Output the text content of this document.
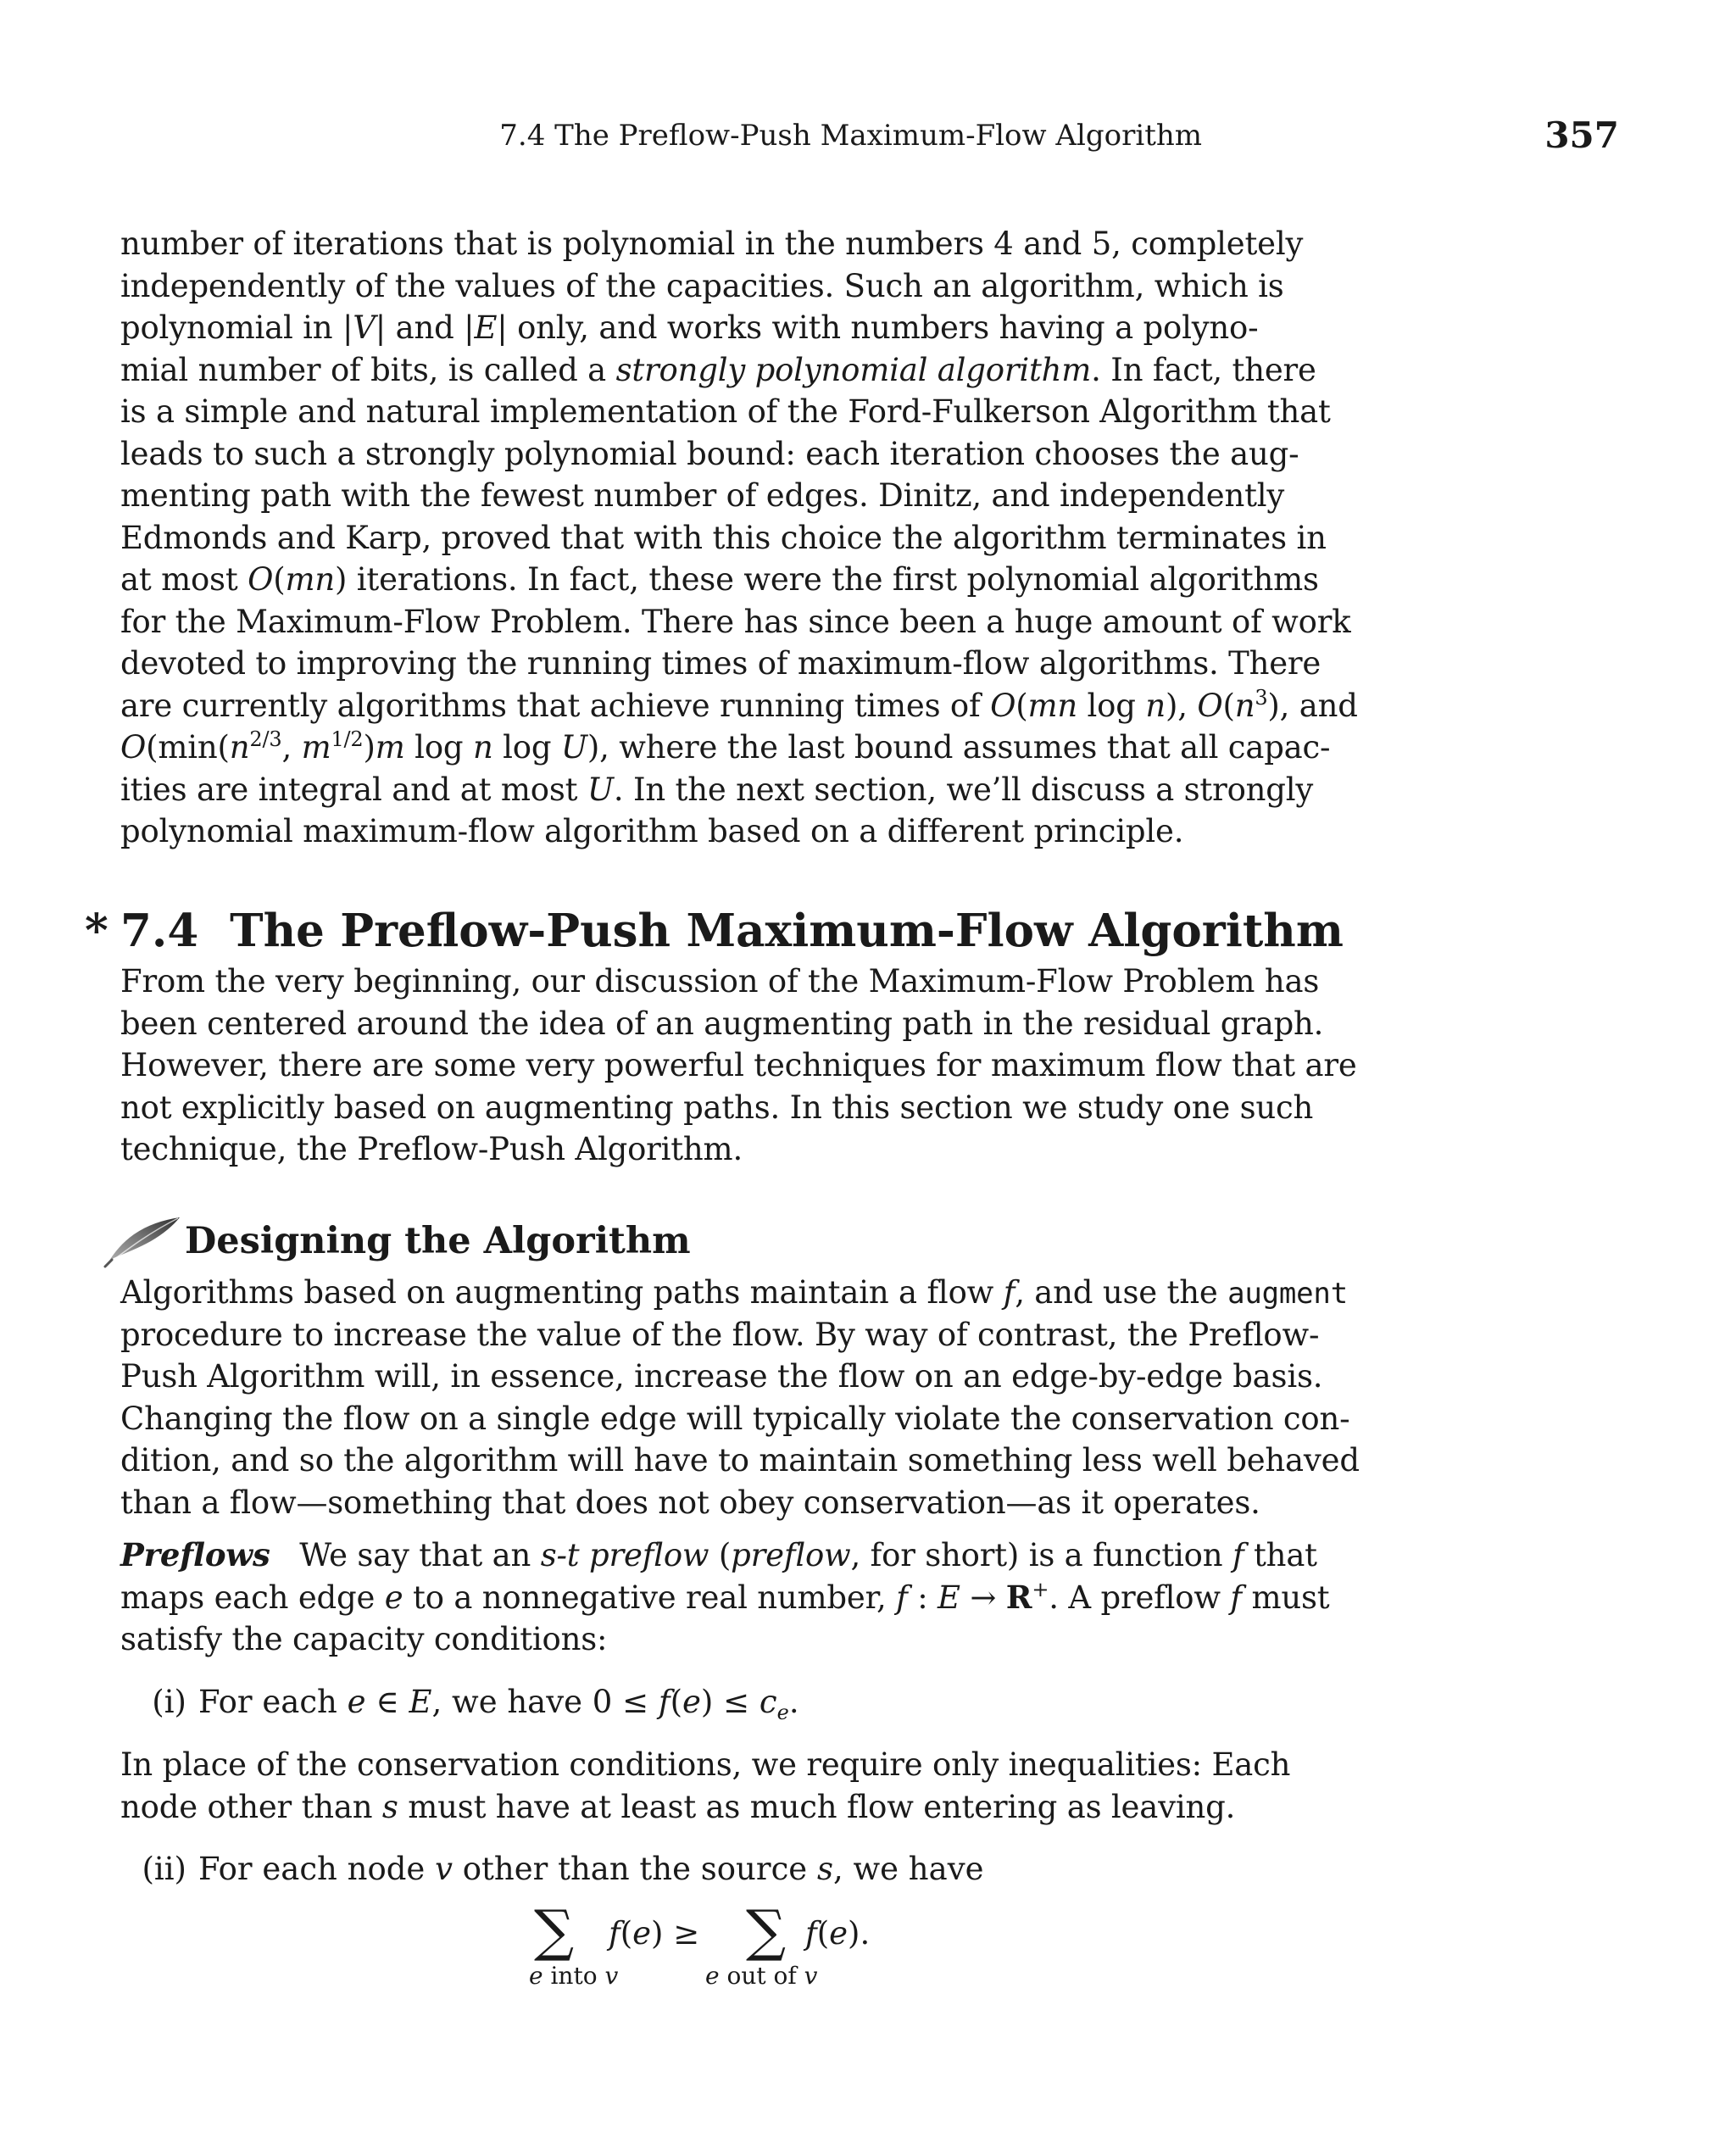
7.4 The Preflow-Push Maximum-Flow Algorithm	357
number of iterations that is polynomial in the numbers 4 and 5, completely
independently of the values of the capacities. Such an algorithm, which is
polynomial in |V| and |E| only, and works with numbers having a polyno-
mial number of bits, is called a strongly polynomial algorithm. In fact, there
is a simple and natural implementation of the Ford-Fulkerson Algorithm that
leads to such a strongly polynomial bound: each iteration chooses the aug-
menting path with the fewest number of edges. Dinitz, and independently
Edmonds and Karp, proved that with this choice the algorithm terminates in
at most O(mn) iterations. In fact, these were the first polynomial algorithms
for the Maximum-Flow Problem. There has since been a huge amount of work
devoted to improving the running times of maximum-flow algorithms. There
are currently algorithms that achieve running times of O(mn log n), $O(n^3)$, and
$O(\min(n^{2/3}$, $m^{1/2})m$ log n log U), where the last bound assumes that all capac-
ities are integral and at most U. In the next section, we’ll discuss a strongly
polynomial maximum-flow algorithm based on a different principle.
* 7.4 The Preflow-Push Maximum-Flow Algorithm
From the very beginning, our discussion of the Maximum-Flow Problem has
been centered around the idea of an augmenting path in the residual graph.
However, there are some very powerful techniques for maximum flow that are
not explicitly based on augmenting paths. In this section we study one such
technique, the Preflow-Push Algorithm.
Designing the Algorithm
Algorithms based on augmenting paths maintain a flow f, and use the augment
procedure to increase the value of the flow. By way of contrast, the Preflow-
Push Algorithm will, in essence, increase the flow on an edge-by-edge basis.
Changing the flow on a single edge will typically violate the conservation con-
dition, and so the algorithm will have to maintain something less well behaved
than a flow—something that does not obey conservation—as it operates.
Preflows   We say that an s-t preflow (preflow, for short) is a function f that
maps each edge e to a nonnegative real number, f : E → R+. A preflow f must
satisfy the capacity conditions:
(i) For each e ∈ E, we have $0 \le f(e) \le c_e$.
In place of the conservation conditions, we require only inequalities: Each
node other than s must have at least as much flow entering as leaving.
(ii) For each node v other than the source s, we have
∑
e into v
f(e) ≥ ∑
e out of v
f(e).
